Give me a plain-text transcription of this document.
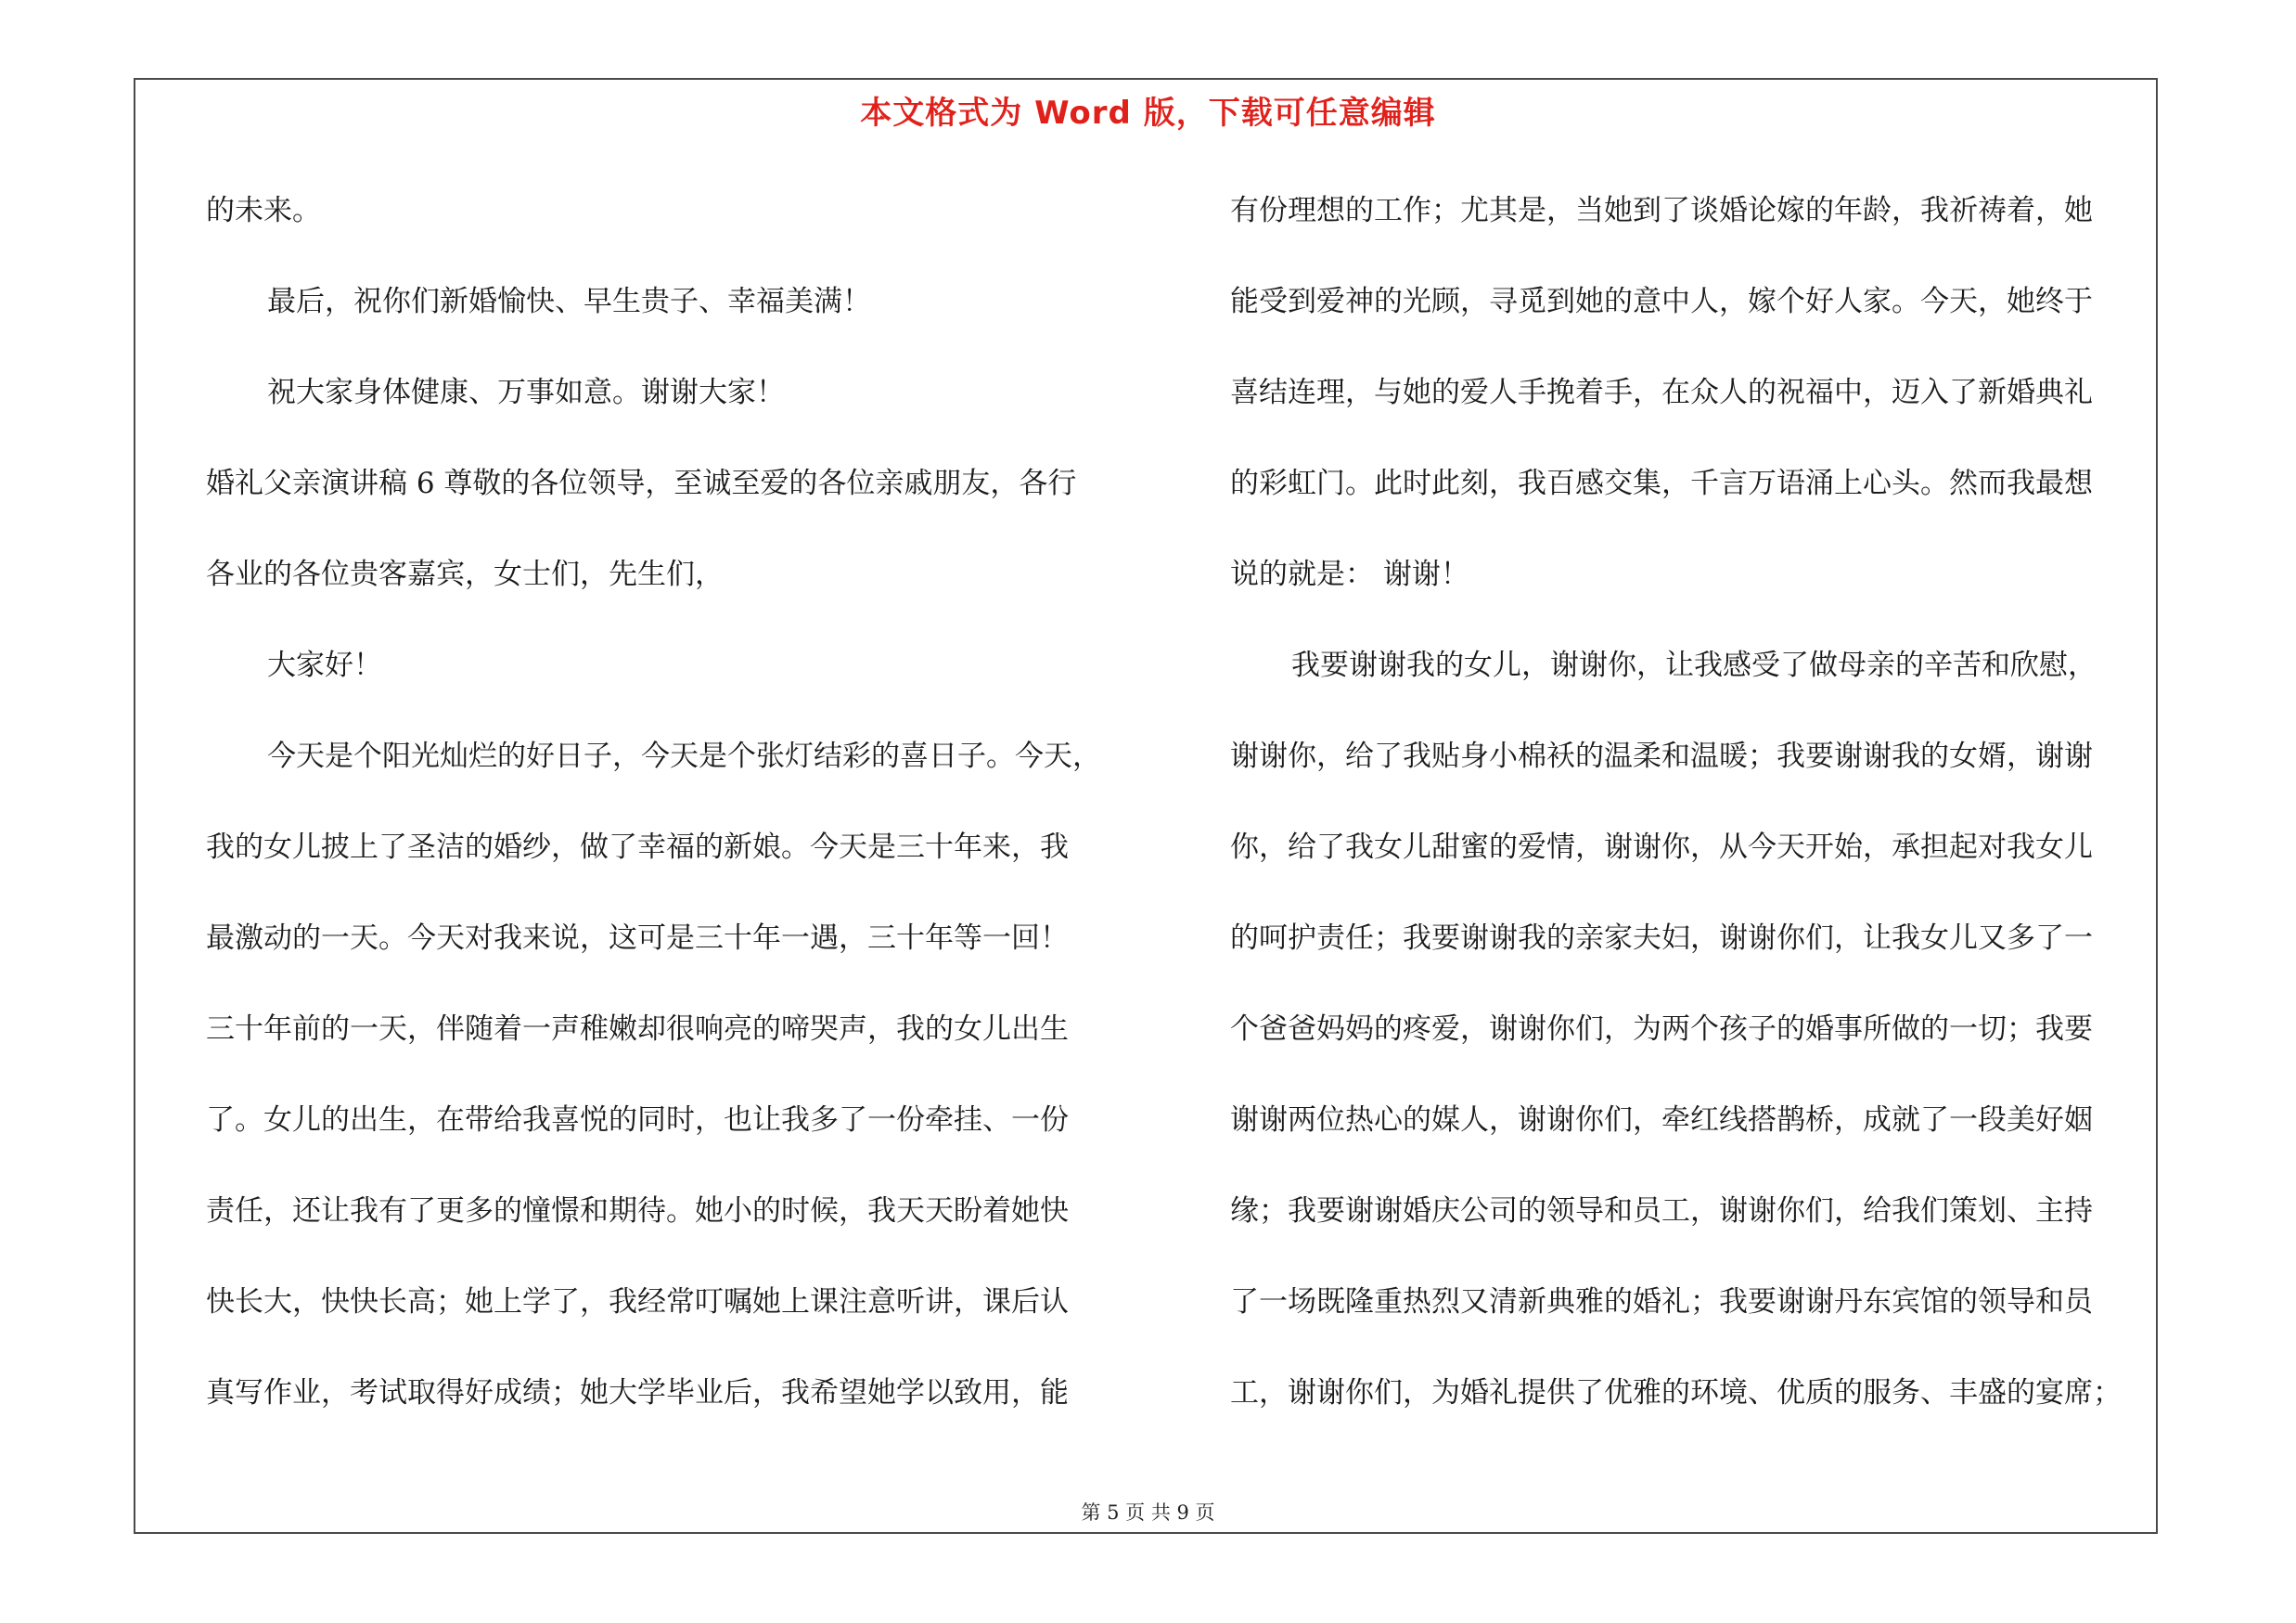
本文格式为 Word 版，下载可任意编辑
的未来。
最后，祝你们新婚愉快、早生贵子、幸福美满！
祝大家身体健康、万事如意。谢谢大家！
婚礼父亲演讲稿 6 尊敬的各位领导，至诚至爱的各位亲戚朋友，各行
各业的各位贵客嘉宾，女士们，先生们，
大家好！
今天是个阳光灿烂的好日子，今天是个张灯结彩的喜日子。今天，
我的女儿披上了圣洁的婚纱，做了幸福的新娘。今天是三十年来，我
最激动的一天。今天对我来说，这可是三十年一遇，三十年等一回！
三十年前的一天，伴随着一声稚嫩却很响亮的啼哭声，我的女儿出生
了。女儿的出生，在带给我喜悦的同时，也让我多了一份牵挂、一份
责任，还让我有了更多的憧憬和期待。她小的时候，我天天盼着她快
快长大，快快长高；她上学了，我经常叮嘱她上课注意听讲，课后认
真写作业，考试取得好成绩；她大学毕业后，我希望她学以致用，能
有份理想的工作；尤其是，当她到了谈婚论嫁的年龄，我祈祷着，她
能受到爱神的光顾，寻觅到她的意中人，嫁个好人家。今天，她终于
喜结连理，与她的爱人手挽着手，在众人的祝福中，迈入了新婚典礼
的彩虹门。此时此刻，我百感交集，千言万语涌上心头。然而我最想
说的就是： 谢谢！
我要谢谢我的女儿，谢谢你，让我感受了做母亲的辛苦和欣慰，
谢谢你，给了我贴身小棉袄的温柔和温暖；我要谢谢我的女婿，谢谢
你，给了我女儿甜蜜的爱情，谢谢你，从今天开始，承担起对我女儿
的呵护责任；我要谢谢我的亲家夫妇，谢谢你们，让我女儿又多了一
个爸爸妈妈的疼爱，谢谢你们，为两个孩子的婚事所做的一切；我要
谢谢两位热心的媒人，谢谢你们，牵红线搭鹊桥，成就了一段美好姻
缘；我要谢谢婚庆公司的领导和员工，谢谢你们，给我们策划、主持
了一场既隆重热烈又清新典雅的婚礼；我要谢谢丹东宾馆的领导和员
工，谢谢你们，为婚礼提供了优雅的环境、优质的服务、丰盛的宴席；
第 5 页 共 9 页
